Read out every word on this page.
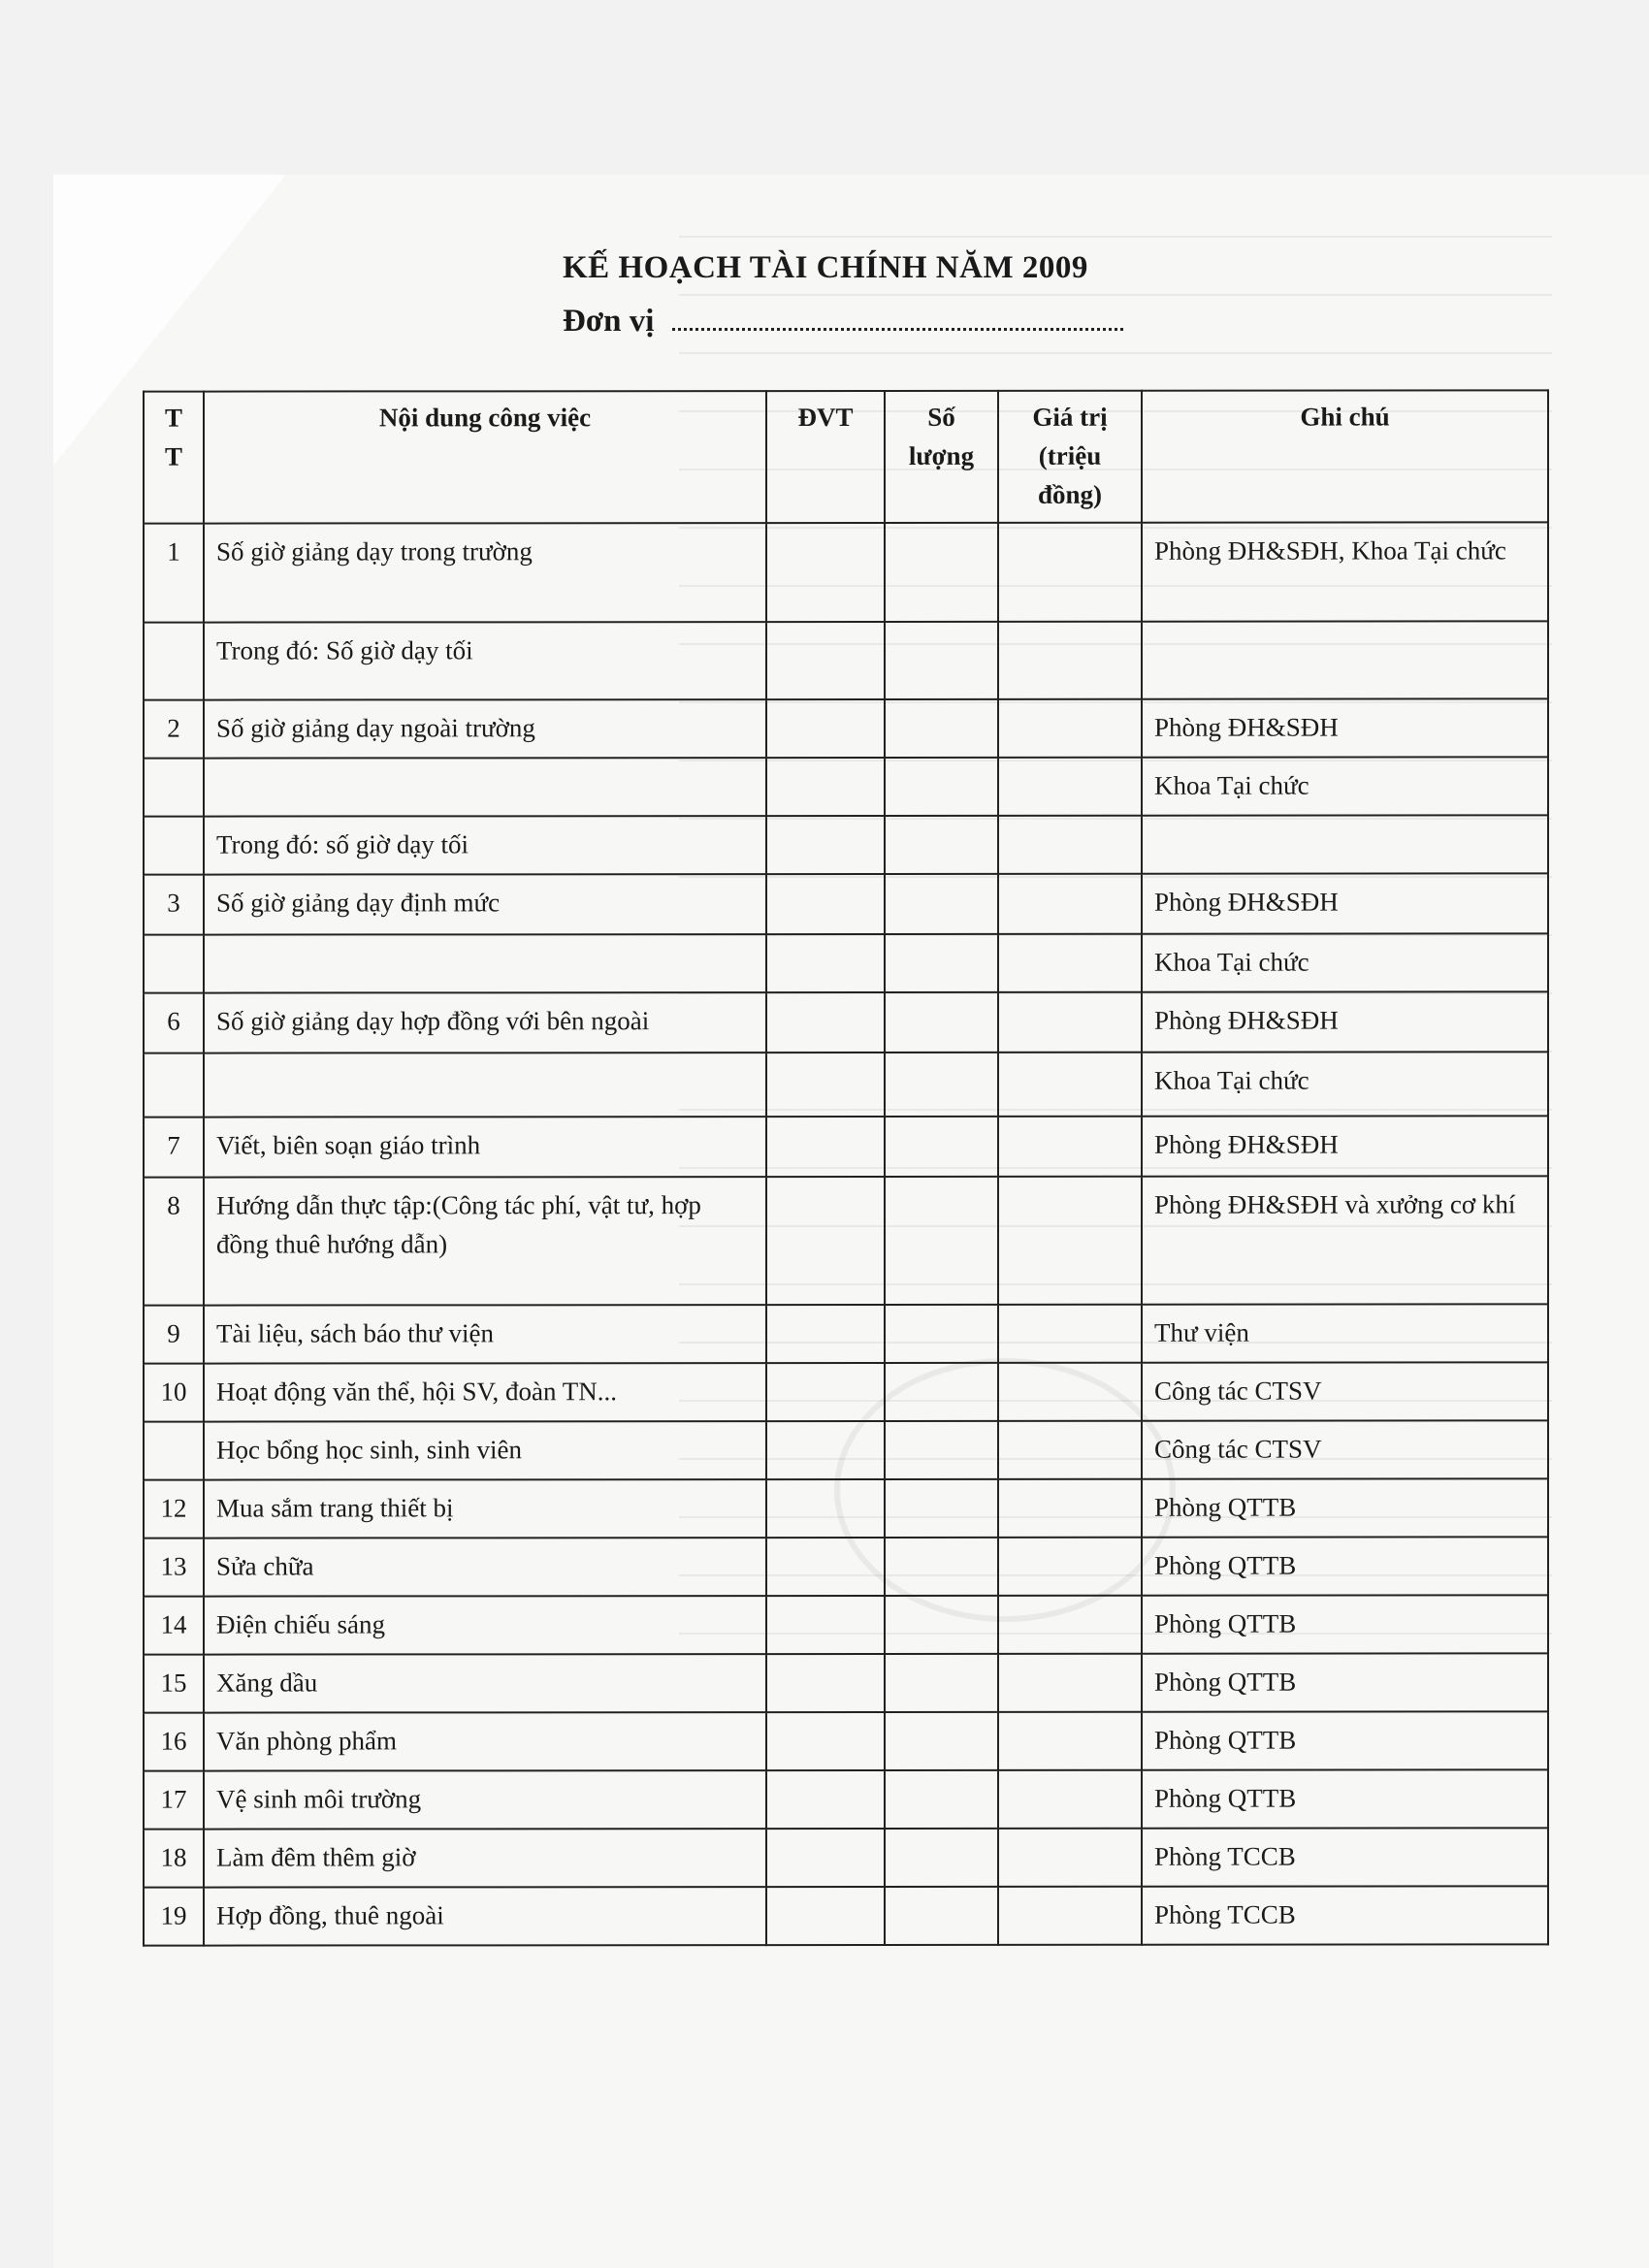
KẾ HOẠCH TÀI CHÍNH NĂM 2009
Đơn vị
T T	Nội dung công việc	ĐVT	Số lượng	Giá trị (triệu đồng)	Ghi chú
1	Số giờ giảng dạy trong trường				Phòng ĐH&SĐH, Khoa Tại chức
	Trong đó: Số giờ dạy tối				
2	Số giờ giảng dạy ngoài trường				Phòng ĐH&SĐH
					Khoa Tại chức
	Trong đó: số giờ dạy tối				
3	Số giờ giảng dạy định mức				Phòng ĐH&SĐH
					Khoa Tại chức
6	Số giờ giảng dạy hợp đồng với bên ngoài				Phòng ĐH&SĐH
					Khoa Tại chức
7	Viết, biên soạn giáo trình				Phòng ĐH&SĐH
8	Hướng dẫn thực tập:(Công tác phí, vật tư, hợp đồng thuê hướng dẫn)				Phòng ĐH&SĐH và xưởng cơ khí
9	Tài liệu, sách báo thư viện				Thư viện
10	Hoạt động văn thể, hội SV, đoàn TN...				Công tác CTSV
	Học bổng học sinh, sinh viên				Công tác CTSV
12	Mua sắm trang thiết bị				Phòng QTTB
13	Sửa chữa				Phòng QTTB
14	Điện chiếu sáng				Phòng QTTB
15	Xăng dầu				Phòng QTTB
16	Văn phòng phẩm				Phòng QTTB
17	Vệ sinh môi trường				Phòng QTTB
18	Làm đêm thêm giờ				Phòng TCCB
19	Hợp đồng, thuê ngoài				Phòng TCCB
